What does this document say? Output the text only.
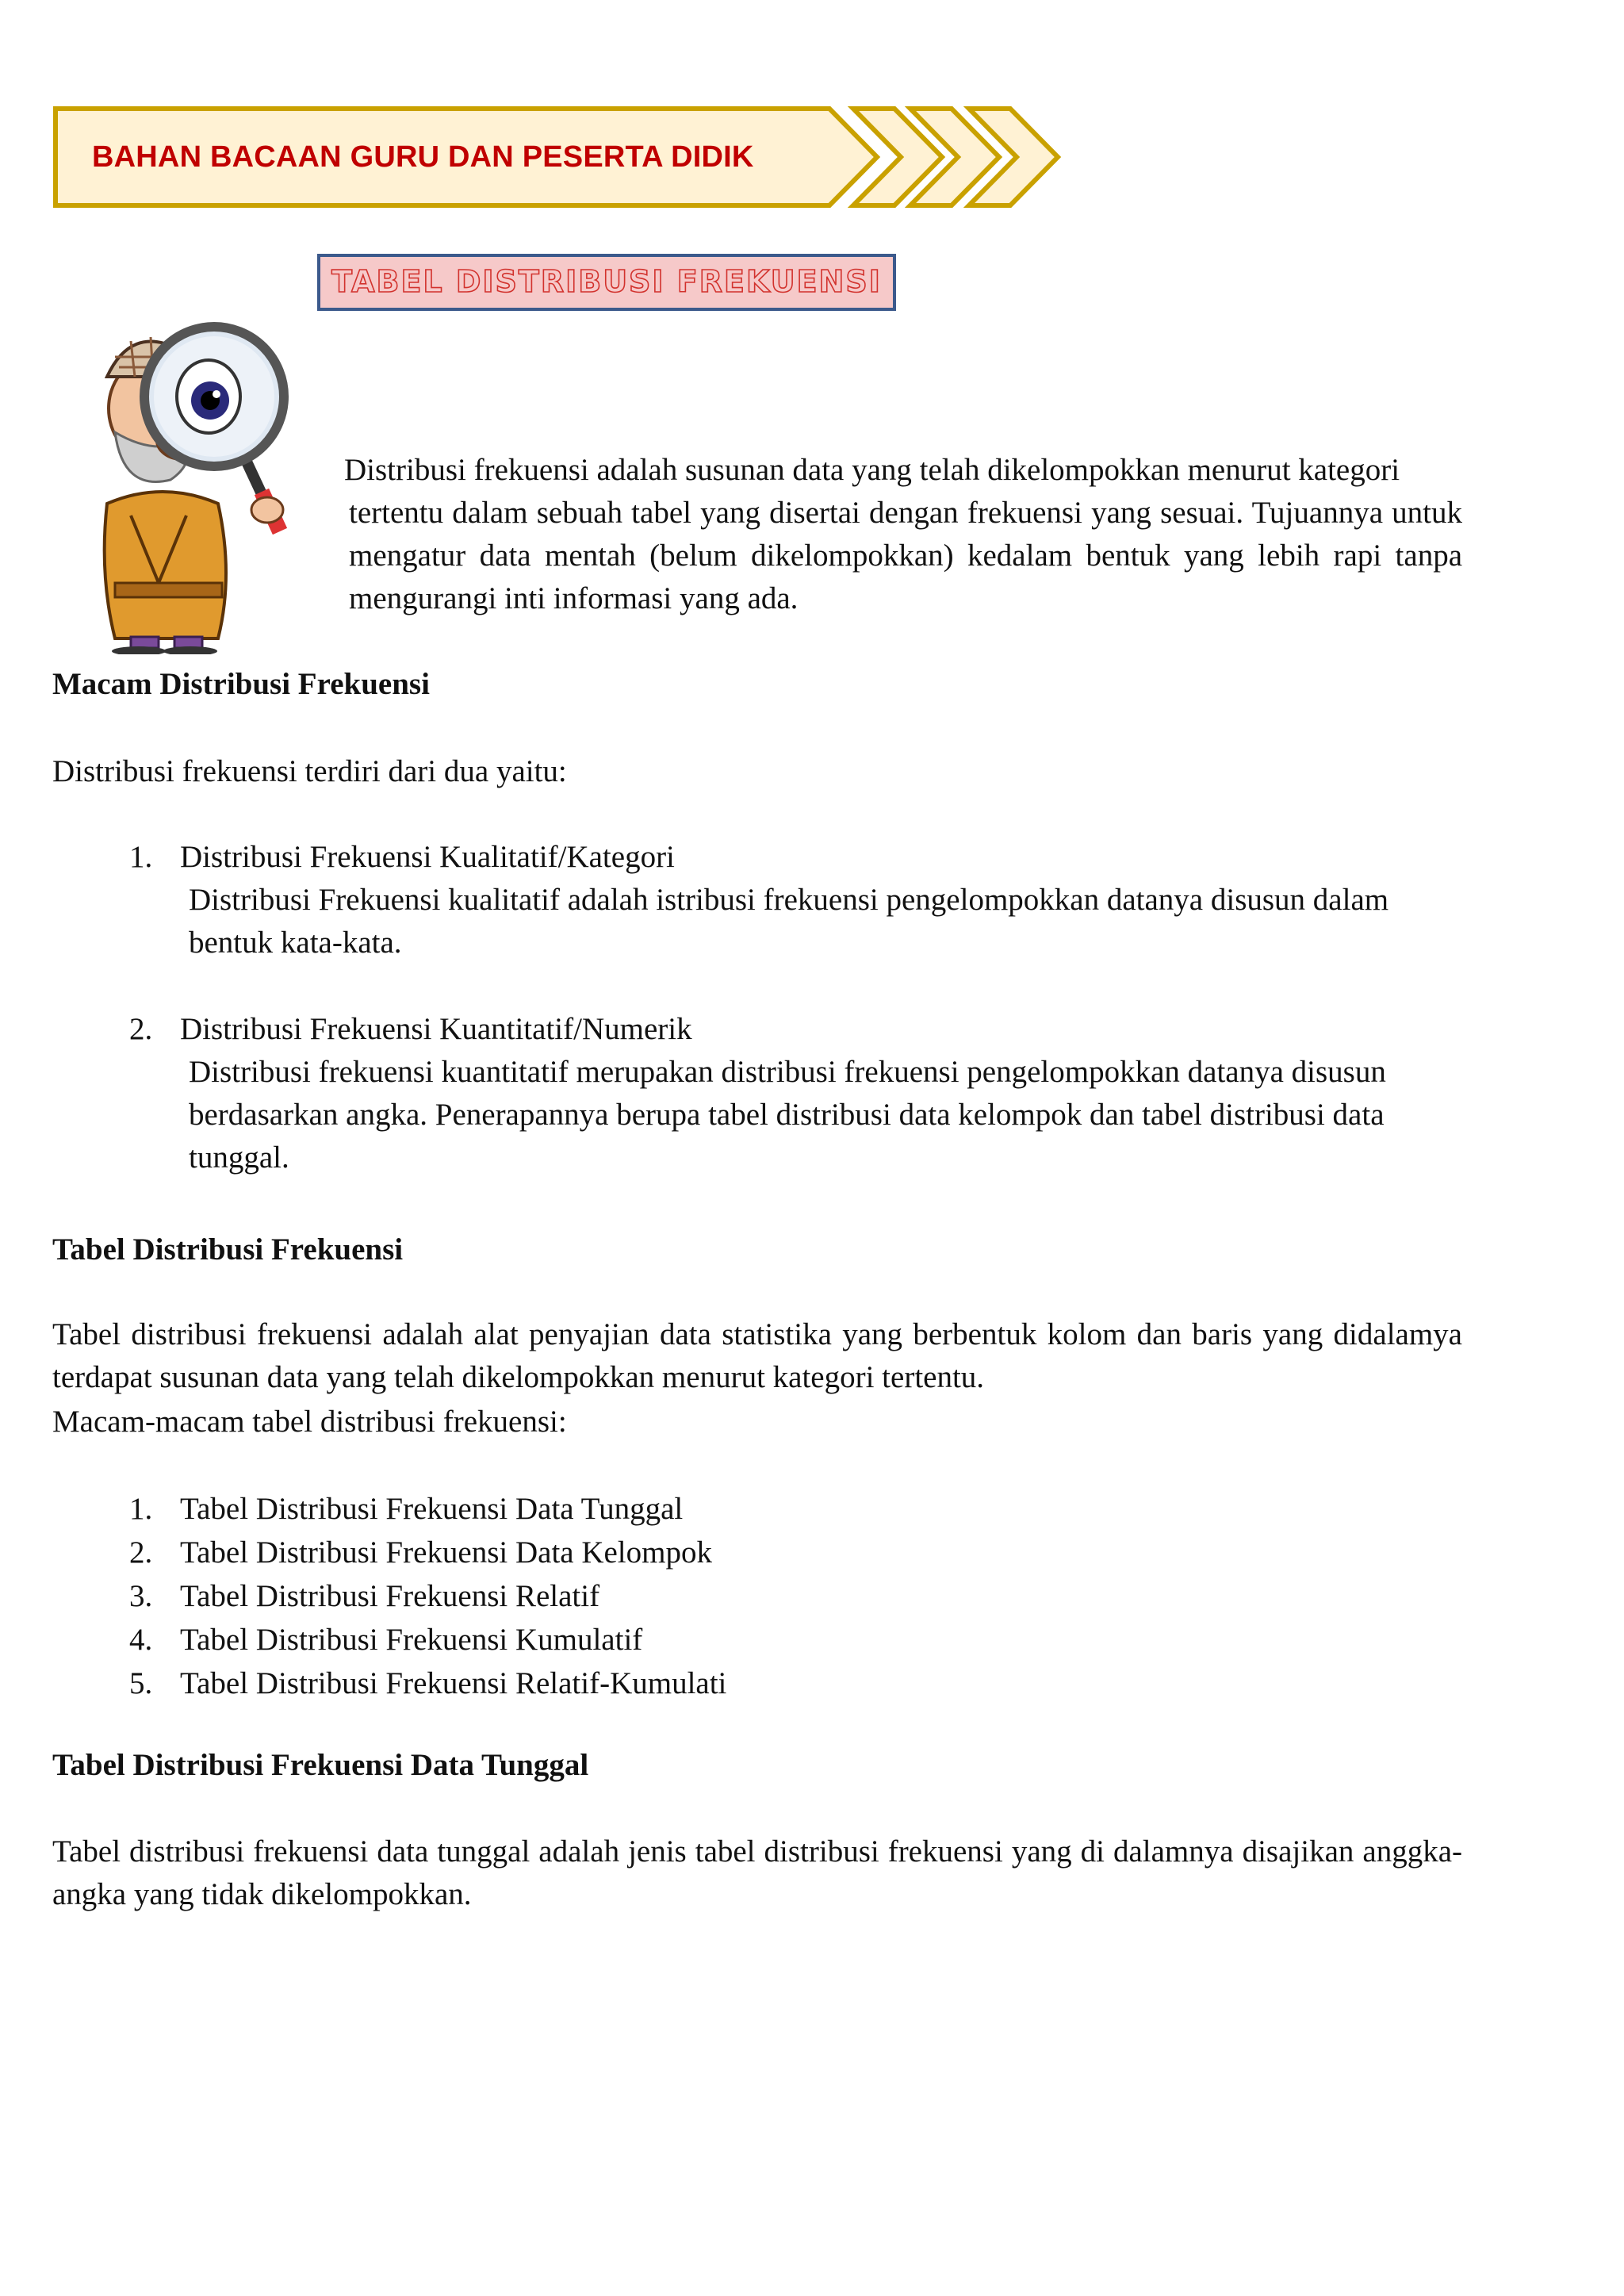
BAHAN BACAAN GURU DAN PESERTA DIDIK
TABEL DISTRIBUSI FREKUENSI

Distribusi frekuensi adalah susunan data yang telah dikelompokkan menurut kategori
tertentu dalam sebuah tabel yang disertai dengan frekuensi yang sesuai. Tujuannya untuk mengatur data mentah (belum dikelompokkan) kedalam bentuk yang lebih rapi tanpa mengurangi inti informasi yang ada.

Macam Distribusi Frekuensi

Distribusi frekuensi terdiri dari dua yaitu:

1. Distribusi Frekuensi Kualitatif/Kategori

Distribusi Frekuensi kualitatif adalah istribusi frekuensi pengelompokkan datanya disusun dalam bentuk kata-kata.

2. Distribusi Frekuensi Kuantitatif/Numerik

Distribusi frekuensi kuantitatif merupakan distribusi frekuensi pengelompokkan datanya disusun berdasarkan angka. Penerapannya berupa tabel distribusi data kelompok dan tabel distribusi data tunggal.

Tabel Distribusi Frekuensi

Tabel distribusi frekuensi adalah alat penyajian data statistika yang berbentuk kolom dan baris yang didalamya terdapat susunan data yang telah dikelompokkan menurut kategori tertentu.

Macam-macam tabel distribusi frekuensi:

1. Tabel Distribusi Frekuensi Data Tunggal
2. Tabel Distribusi Frekuensi Data Kelompok
3. Tabel Distribusi Frekuensi Relatif
4. Tabel Distribusi Frekuensi Kumulatif
5. Tabel Distribusi Frekuensi Relatif-Kumulati
Tabel Distribusi Frekuensi Data Tunggal

Tabel distribusi frekuensi data tunggal adalah jenis tabel distribusi frekuensi yang di dalamnya disajikan anggka-angka yang tidak dikelompokkan.
